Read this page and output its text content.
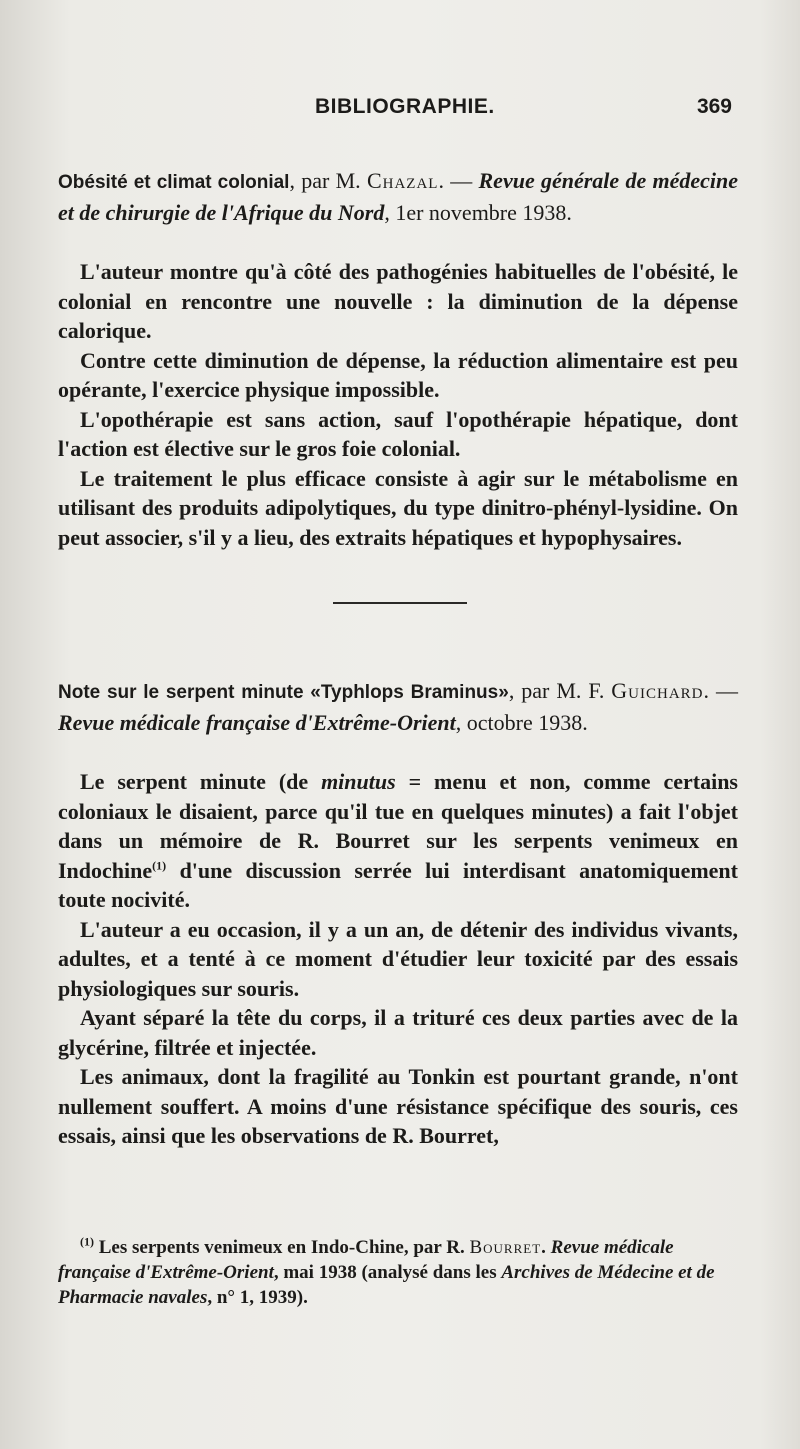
BIBLIOGRAPHIE.	369

Obésité et climat colonial, par M. Chazal. — Revue générale de médecine et de chirurgie de l'Afrique du Nord, 1er novembre 1938.

L'auteur montre qu'à côté des pathogénies habituelles de l'obésité, le colonial en rencontre une nouvelle : la diminution de la dépense calorique.

Contre cette diminution de dépense, la réduction alimentaire est peu opérante, l'exercice physique impossible.

L'opothérapie est sans action, sauf l'opothérapie hépatique, dont l'action est élective sur le gros foie colonial.

Le traitement le plus efficace consiste à agir sur le métabolisme en utilisant des produits adipolytiques, du type dinitro-phényl-lysidine. On peut associer, s'il y a lieu, des extraits hépatiques et hypophysaires.

Note sur le serpent minute «Typhlops Braminus», par M. F. Guichard. — Revue médicale française d'Extrême-Orient, octobre 1938.

Le serpent minute (de minutus = menu et non, comme certains coloniaux le disaient, parce qu'il tue en quelques minutes) a fait l'objet dans un mémoire de R. Bourret sur les serpents venimeux en Indochine$^{(1)}$ d'une discussion serrée lui interdisant anatomiquement toute nocivité.

L'auteur a eu occasion, il y a un an, de détenir des individus vivants, adultes, et a tenté à ce moment d'étudier leur toxicité par des essais physiologiques sur souris.

Ayant séparé la tête du corps, il a trituré ces deux parties avec de la glycérine, filtrée et injectée.

Les animaux, dont la fragilité au Tonkin est pourtant grande, n'ont nullement souffert. A moins d'une résistance spécifique des souris, ces essais, ainsi que les observations de R. Bourret,

$^{(1)}$ Les serpents venimeux en Indo-Chine, par R. Bourret. Revue médicale française d'Extrême-Orient, mai 1938 (analysé dans les Archives de Médecine et de Pharmacie navales, n° 1, 1939).
